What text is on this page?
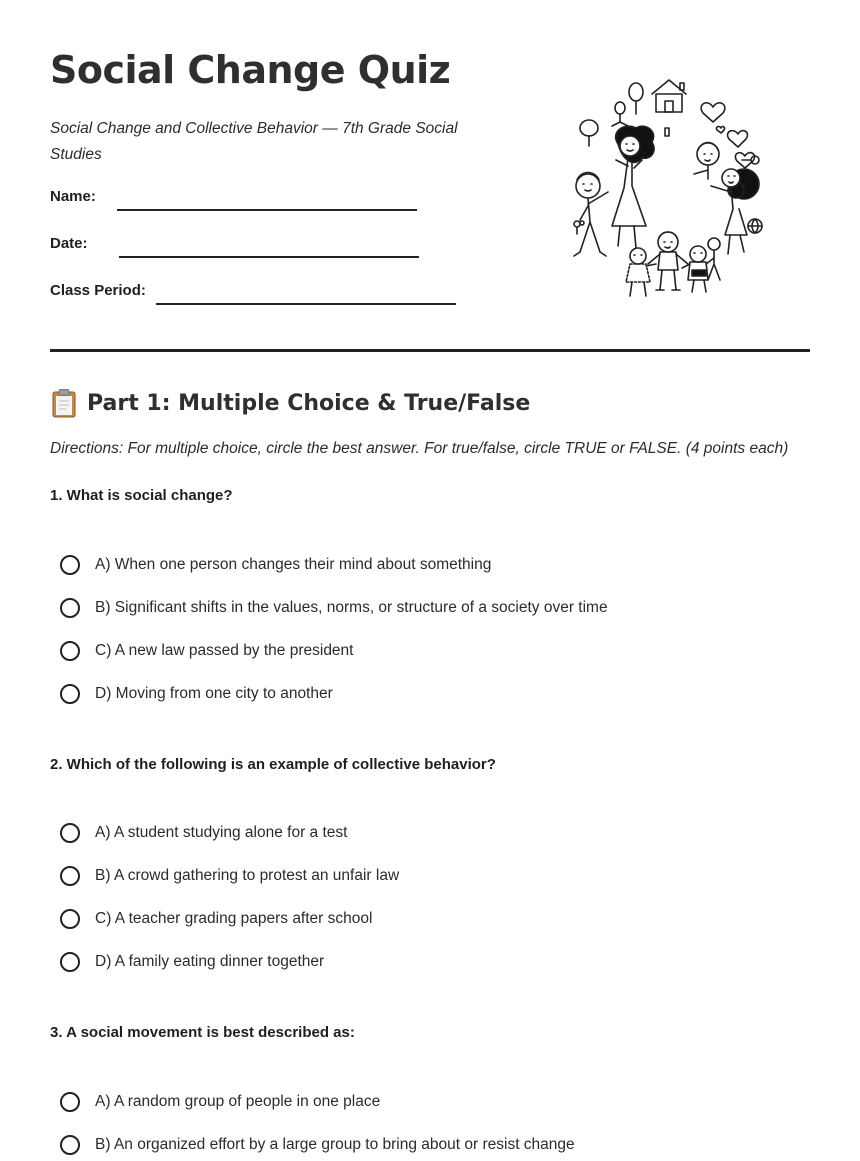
Social Change Quiz

Social Change and Collective Behavior — 7th Grade Social Studies

Name:
Date:
Class Period:
Part 1: Multiple Choice & True/False

Directions: For multiple choice, circle the best answer. For true/false, circle TRUE or FALSE. (4 points each)

1. What is social change?

A) When one person changes their mind about something
B) Significant shifts in the values, norms, or structure of a society over time
C) A new law passed by the president
D) Moving from one city to another

2. Which of the following is an example of collective behavior?

A) A student studying alone for a test
B) A crowd gathering to protest an unfair law
C) A teacher grading papers after school
D) A family eating dinner together

3. A social movement is best described as:

A) A random group of people in one place
B) An organized effort by a large group to bring about or resist change
